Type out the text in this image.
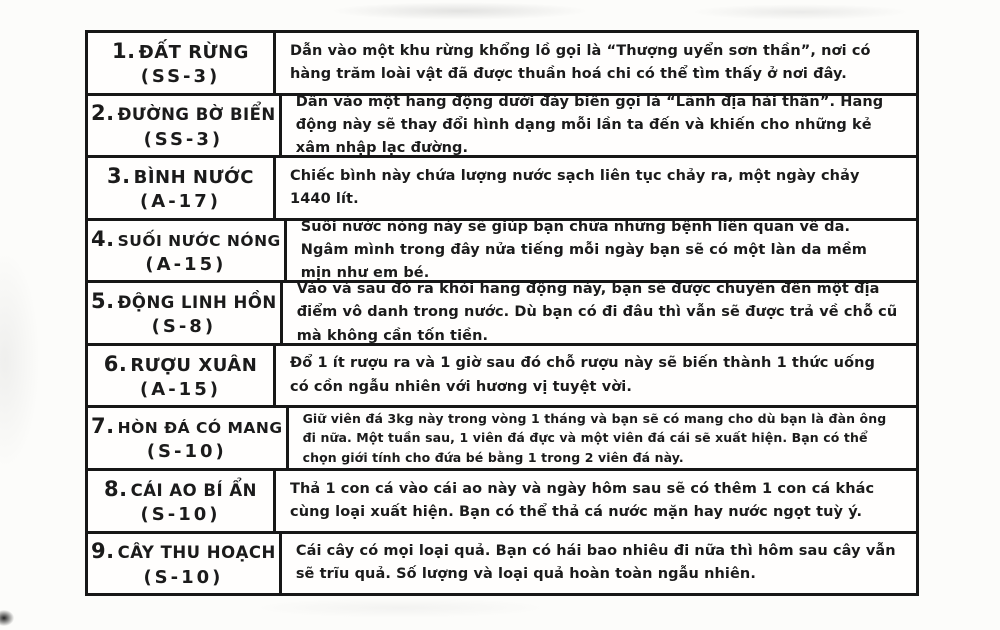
1. ĐẤT RỪNG
(SS-3)
Dẫn vào một khu rừng khổng lồ gọi là “Thượng uyển sơn thần”, nơi có hàng trăm loài vật đã được thuần hoá chi có thể tìm thấy ở nơi đây.
2. ĐƯỜNG BỜ BIỂN
(SS-3)
Dẫn vào một hang động dưới đáy biển gọi là “Lãnh địa hải thần”. Hang động này sẽ thay đổi hình dạng mỗi lần ta đến và khiến cho những kẻ xâm nhập lạc đường.
3. BÌNH NƯỚC
(A-17)
Chiếc bình này chứa lượng nước sạch liên tục chảy ra, một ngày chảy 1440 lít.
4. SUỐI NƯỚC NÓNG
(A-15)
Suối nước nóng này sẽ giúp bạn chữa những bệnh liên quan về da. Ngâm mình trong đây nửa tiếng mỗi ngày bạn sẽ có một làn da mềm mịn như em bé.
5. ĐỘNG LINH HỒN
(S-8)
Vào và sau đó ra khỏi hang động này, bạn sẽ được chuyển đến một địa điểm vô danh trong nước. Dù bạn có đi đâu thì vẫn sẽ được trả về chỗ cũ mà không cần tốn tiền.
6. RƯỢU XUÂN
(A-15)
Đổ 1 ít rượu ra và 1 giờ sau đó chỗ rượu này sẽ biến thành 1 thức uống có cồn ngẫu nhiên với hương vị tuyệt vời.
7. HÒN ĐÁ CÓ MANG
(S-10)
Giữ viên đá 3kg này trong vòng 1 tháng và bạn sẽ có mang cho dù bạn là đàn ông đi nữa. Một tuần sau, 1 viên đá đực và một viên đá cái sẽ xuất hiện. Bạn có thể chọn giới tính cho đứa bé bằng 1 trong 2 viên đá này.
8. CÁI AO BÍ ẨN
(S-10)
Thả 1 con cá vào cái ao này và ngày hôm sau sẽ có thêm 1 con cá khác cùng loại xuất hiện. Bạn có thể thả cá nước mặn hay nước ngọt tuỳ ý.
9. CÂY THU HOẠCH
(S-10)
Cái cây có mọi loại quả. Bạn có hái bao nhiêu đi nữa thì hôm sau cây vẫn sẽ trĩu quả. Số lượng và loại quả hoàn toàn ngẫu nhiên.
